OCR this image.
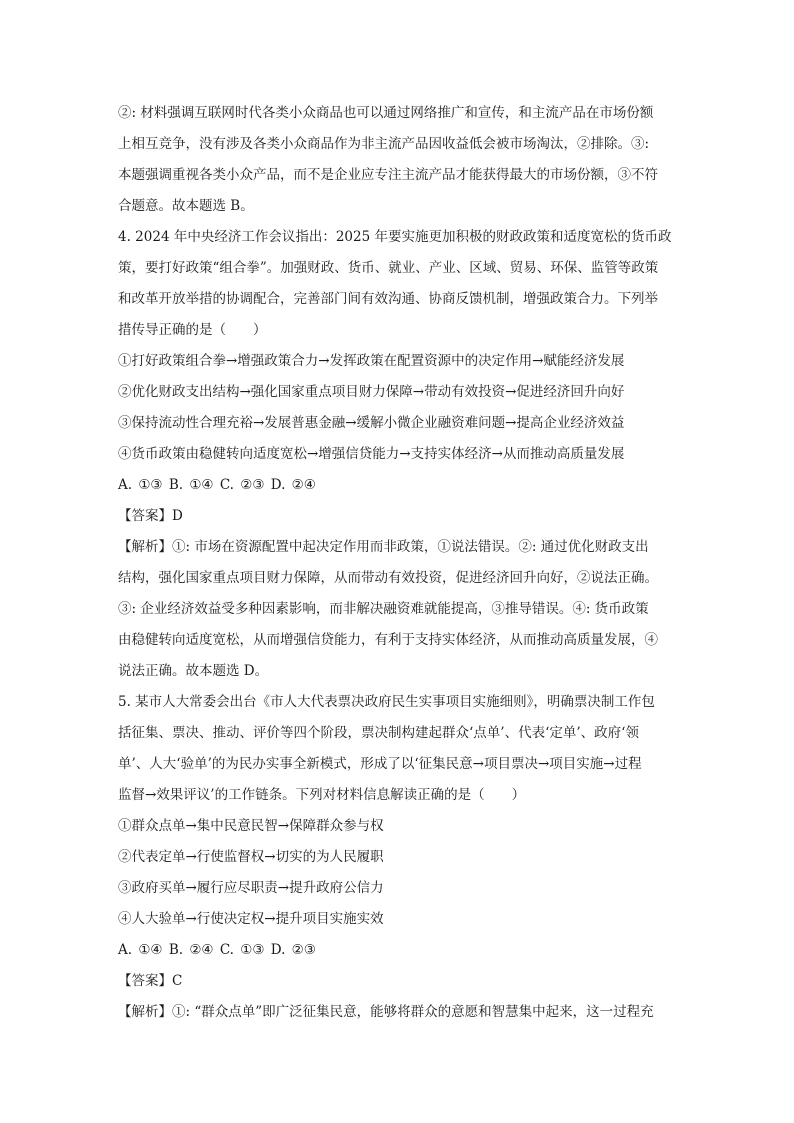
②: 材料强调互联网时代各类小众商品也可以通过网络推广和宣传，和主流产品在市场份额
上相互竞争，没有涉及各类小众商品作为非主流产品因收益低会被市场淘汰，②排除。③:
本题强调重视各类小众产品，而不是企业应专注主流产品才能获得最大的市场份额，③不符
合题意。故本题选 B。
4. 2024 年中央经济工作会议指出：2025 年要实施更加积极的财政政策和适度宽松的货币政
策，要打好政策“组合拳”。加强财政、货币、就业、产业、区域、贸易、环保、监管等政策
和改革开放举措的协调配合，完善部门间有效沟通、协商反馈机制，增强政策合力。下列举
措传导正确的是（　　）
①打好政策组合拳→增强政策合力→发挥政策在配置资源中的决定作用→赋能经济发展
②优化财政支出结构→强化国家重点项目财力保障→带动有效投资→促进经济回升向好
③保持流动性合理充裕→发展普惠金融→缓解小微企业融资难问题→提高企业经济效益
④货币政策由稳健转向适度宽松→增强信贷能力→支持实体经济→从而推动高质量发展
A. ①③ B. ①④ C. ②③ D. ②④
【答案】D
【解析】①: 市场在资源配置中起决定作用而非政策，①说法错误。②: 通过优化财政支出
结构，强化国家重点项目财力保障，从而带动有效投资，促进经济回升向好，②说法正确。
③: 企业经济效益受多种因素影响，而非解决融资难就能提高，③推导错误。④: 货币政策
由稳健转向适度宽松，从而增强信贷能力，有利于支持实体经济，从而推动高质量发展，④
说法正确。故本题选 D。
5. 某市人大常委会出台《市人大代表票决政府民生实事项目实施细则》，明确票决制工作包
括征集、票决、推动、评价等四个阶段，票决制构建起群众‘点单’、代表‘定单’、政府‘领
单’、人大‘验单’的为民办实事全新模式，形成了以‘征集民意→项目票决→项目实施→过程
监督→效果评议’的工作链条。下列对材料信息解读正确的是（　　）
①群众点单→集中民意民智→保障群众参与权
②代表定单→行使监督权→切实的为人民履职
③政府买单→履行应尽职责→提升政府公信力
④人大验单→行使决定权→提升项目实施实效
A. ①④ B. ②④ C. ①③ D. ②③
【答案】C
【解析】①: “群众点单”即广泛征集民意，能够将群众的意愿和智慧集中起来，这一过程充
